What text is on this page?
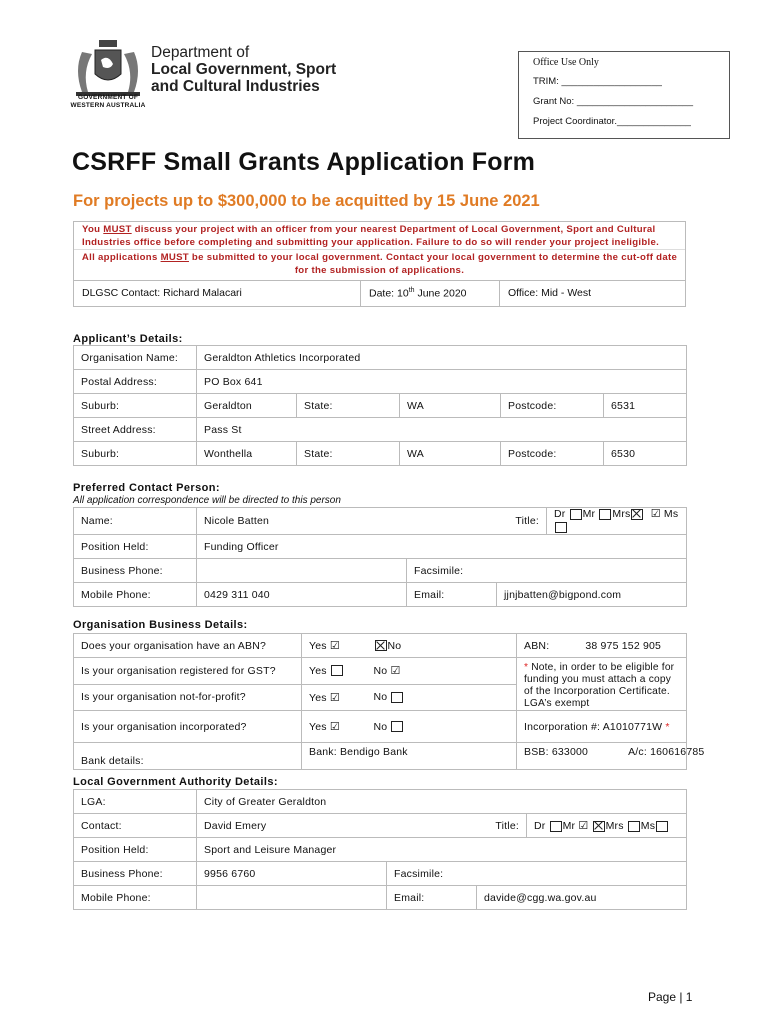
GOVERNMENT OF
WESTERN AUSTRALIA
Department of
Local Government, Sport
and Cultural Industries
Office Use Only
TRIM: ___________________
Grant No: ______________________
Project Coordinator.______________
CSRFF Small Grants Application Form
For projects up to $300,000 to be acquitted by 15 June 2021
You MUST discuss your project with an officer from your nearest Department of Local Government, Sport and Cultural Industries office before completing and submitting your application. Failure to do so will render your project ineligible.
All applications MUST be submitted to your local government. Contact your local government to determine the cut-off date for the submission of applications.
DLGSC Contact: Richard Malacari	Date: 10th June 2020	Office: Mid - West
Applicant’s Details:
Organisation Name:	Geraldton Athletics Incorporated				
Postal Address:	PO Box 641				
Suburb:	Geraldton	State:	WA	Postcode:	6531
Street Address:	Pass St				
Suburb:	Wonthella	State:	WA	Postcode:	6530
Preferred Contact Person:
All application correspondence will be directed to this person
Name:	Nicole Batten		Title:	Dr Mr Mrs ☑ Ms

Position Held:	Funding Officer			
Business Phone:		Facsimile:		
Mobile Phone:	0429 311 040	Email:	jjnjbatten@bigpond.com	
Organisation Business Details:
Does your organisation have an ABN?	Yes ☑	No	ABN: 38 975 152 905
Is your organisation registered for GST?	Yes	No ☑	* Note, in order to be eligible for funding you must attach a copy of the Incorporation Certificate. LGA’s exempt
Is your organisation not-for-profit?	Yes ☑	No	
Is your organisation incorporated?	Yes ☑	No	Incorporation #: A1010771W *
Bank details:	Bank: Bendigo Bank		BSB: 633000 A/c: 160616785
Local Government Authority Details:
LGA:	City of Greater Geraldton			
Contact:	David Emery		Title:	Dr Mr ☑ Mrs Ms
Position Held:	Sport and Leisure Manager			
Business Phone:	9956 6760	Facsimile:		
Mobile Phone:		Email:	davide@cgg.wa.gov.au	
Page | 1
